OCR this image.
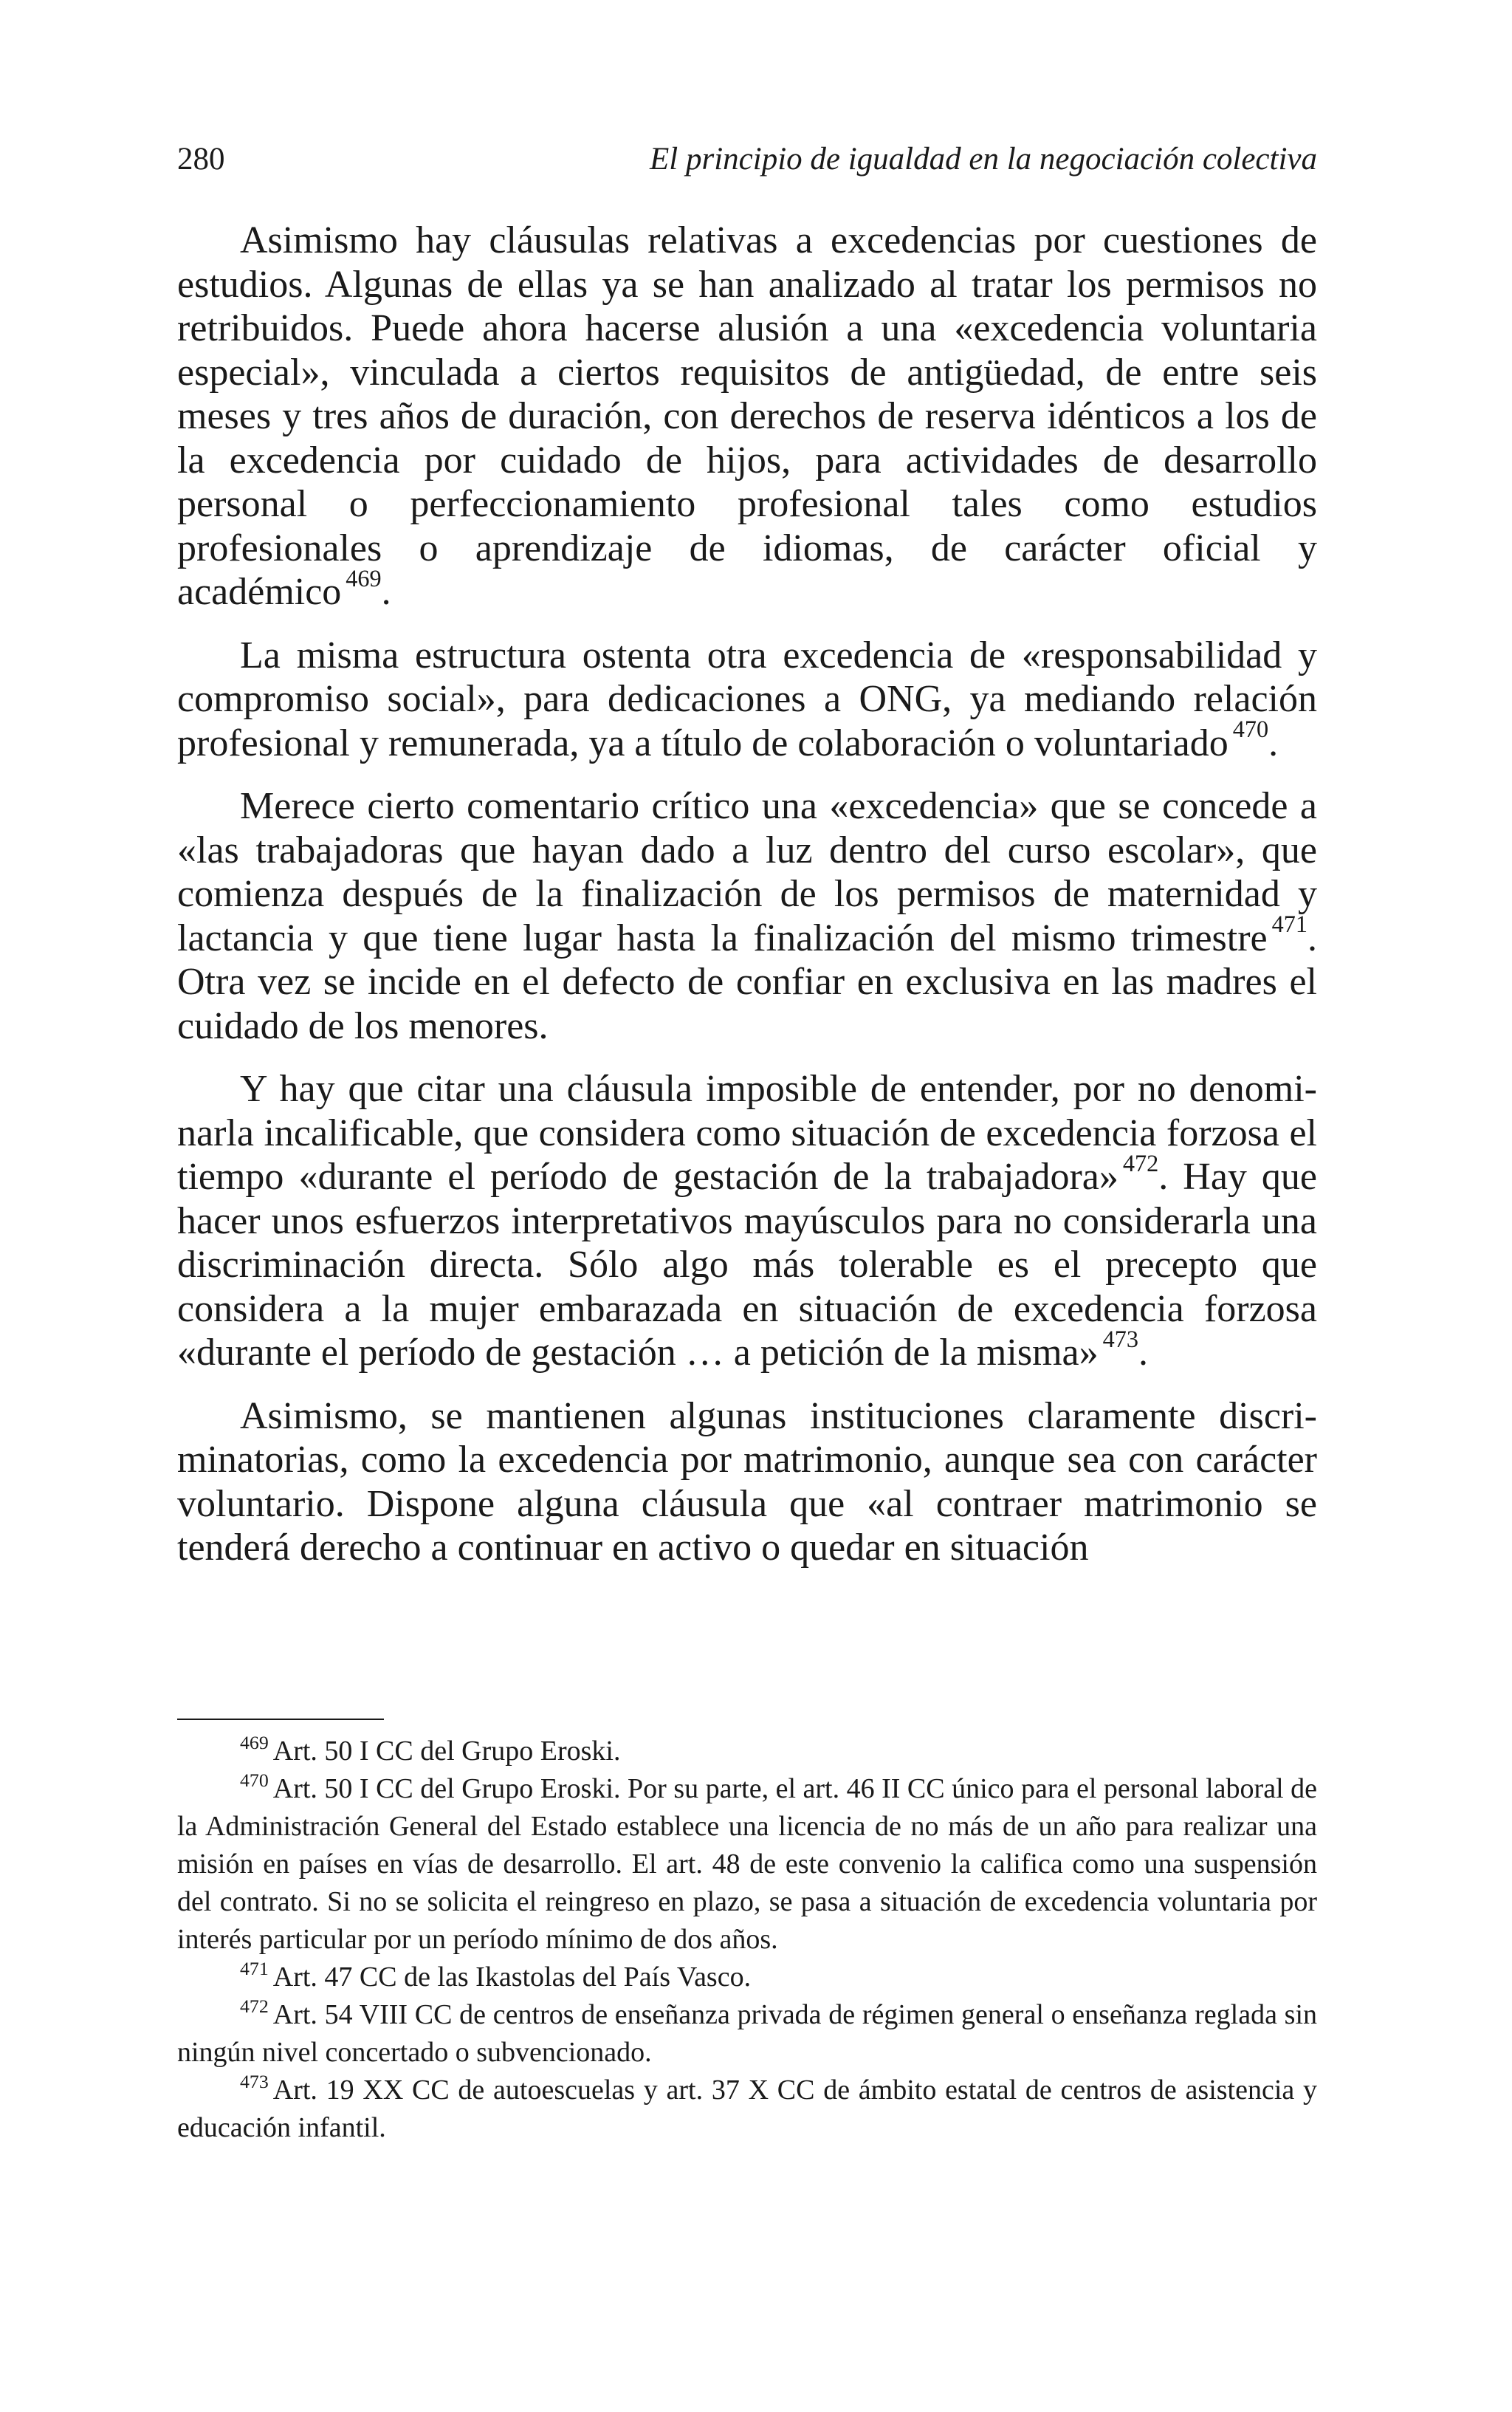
280	El principio de igualdad en la negociación colectiva

Asimismo hay cláusulas relativas a excedencias por cuestiones de estudios. Algunas de ellas ya se han analizado al tratar los permisos no retribuidos. Puede ahora hacerse alusión a una «excedencia voluntaria especial», vinculada a ciertos requisitos de antigüedad, de entre seis meses y tres años de duración, con derechos de reserva idénticos a los de la excedencia por cuidado de hijos, para actividades de desarrollo personal o perfeccionamiento profesional tales como estudios profesionales o aprendizaje de idiomas, de carácter oficial y académico $^{469}$.

La misma estructura ostenta otra excedencia de «responsabilidad y compromiso social», para dedicaciones a ONG, ya mediando relación profesional y remunerada, ya a título de colaboración o voluntariado $^{470}$.

Merece cierto comentario crítico una «excedencia» que se concede a «las trabajadoras que hayan dado a luz dentro del curso escolar», que comienza después de la finalización de los permisos de maternidad y lactancia y que tiene lugar hasta la finalización del mismo trimestre $^{471}$. Otra vez se incide en el defecto de confiar en exclusiva en las madres el cuidado de los menores.

Y hay que citar una cláusula imposible de entender, por no denominarla incalificable, que considera como situación de excedencia forzosa el tiempo «durante el período de gestación de la trabajadora» $^{472}$. Hay que hacer unos esfuerzos interpretativos mayúsculos para no considerarla una discriminación directa. Sólo algo más tolerable es el precepto que considera a la mujer embarazada en situación de excedencia forzosa «durante el período de gestación … a petición de la misma» $^{473}$.

Asimismo, se mantienen algunas instituciones claramente discriminatorias, como la excedencia por matrimonio, aunque sea con carácter voluntario. Dispone alguna cláusula que «al contraer matrimonio se tenderá derecho a continuar en activo o quedar en situación

$^{469}$ Art. 50 I CC del Grupo Eroski.

$^{470}$ Art. 50 I CC del Grupo Eroski. Por su parte, el art. 46 II CC único para el personal laboral de la Administración General del Estado establece una licencia de no más de un año para realizar una misión en países en vías de desarrollo. El art. 48 de este convenio la califica como una suspensión del contrato. Si no se solicita el reingreso en plazo, se pasa a situación de excedencia voluntaria por interés particular por un período mínimo de dos años.

$^{471}$ Art. 47 CC de las Ikastolas del País Vasco.

$^{472}$ Art. 54 VIII CC de centros de enseñanza privada de régimen general o enseñanza reglada sin ningún nivel concertado o subvencionado.

$^{473}$ Art. 19 XX CC de autoescuelas y art. 37 X CC de ámbito estatal de centros de asistencia y educación infantil.
